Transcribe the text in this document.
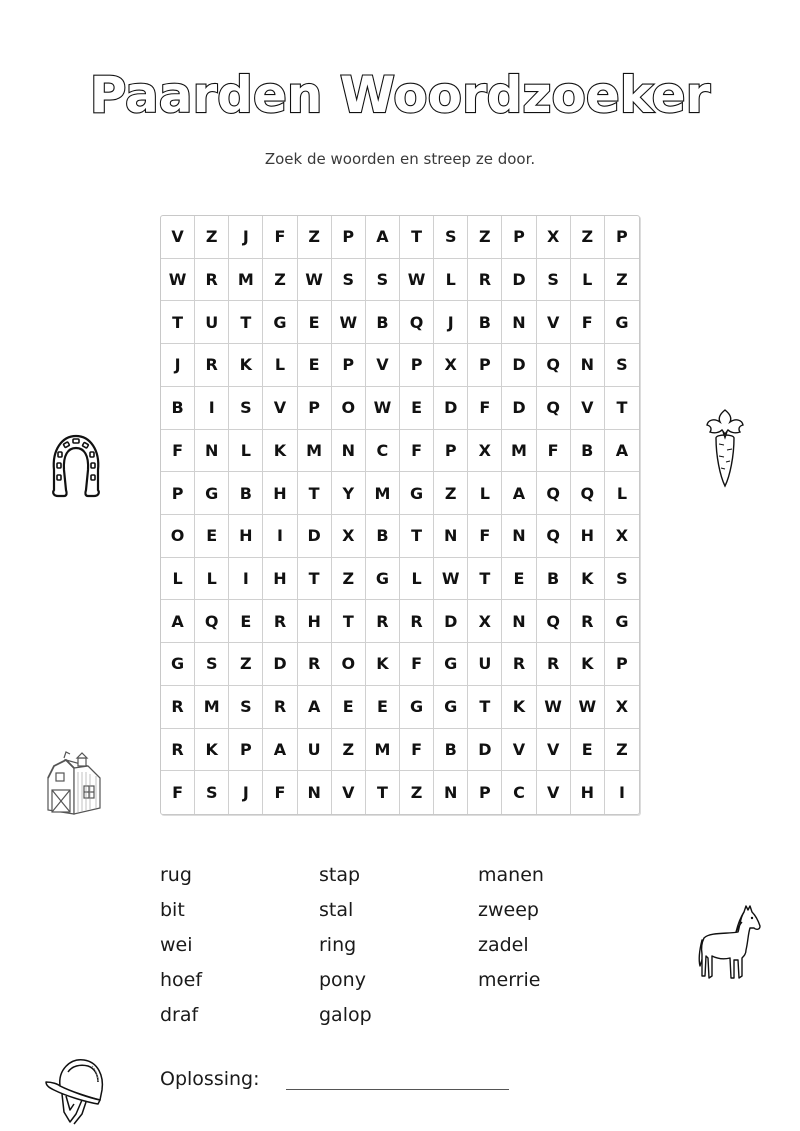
Paarden Woordzoeker
Zoek de woorden en streep ze door.
V	Z	J	F	Z	P	A	T	S	Z	P	X	Z	P
W	R	M	Z	W	S	S	W	L	R	D	S	L	Z
T	U	T	G	E	W	B	Q	J	B	N	V	F	G
J	R	K	L	E	P	V	P	X	P	D	Q	N	S
B	I	S	V	P	O	W	E	D	F	D	Q	V	T
F	N	L	K	M	N	C	F	P	X	M	F	B	A
P	G	B	H	T	Y	M	G	Z	L	A	Q	Q	L
O	E	H	I	D	X	B	T	N	F	N	Q	H	X
L	L	I	H	T	Z	G	L	W	T	E	B	K	S
A	Q	E	R	H	T	R	R	D	X	N	Q	R	G
G	S	Z	D	R	O	K	F	G	U	R	R	K	P
R	M	S	R	A	E	E	G	G	T	K	W	W	X
R	K	P	A	U	Z	M	F	B	D	V	V	E	Z
F	S	J	F	N	V	T	Z	N	P	C	V	H	I
rug
bit
wei
hoef
draf
stap
stal
ring
pony
galop
manen
zweep
zadel
merrie
Oplossing:
